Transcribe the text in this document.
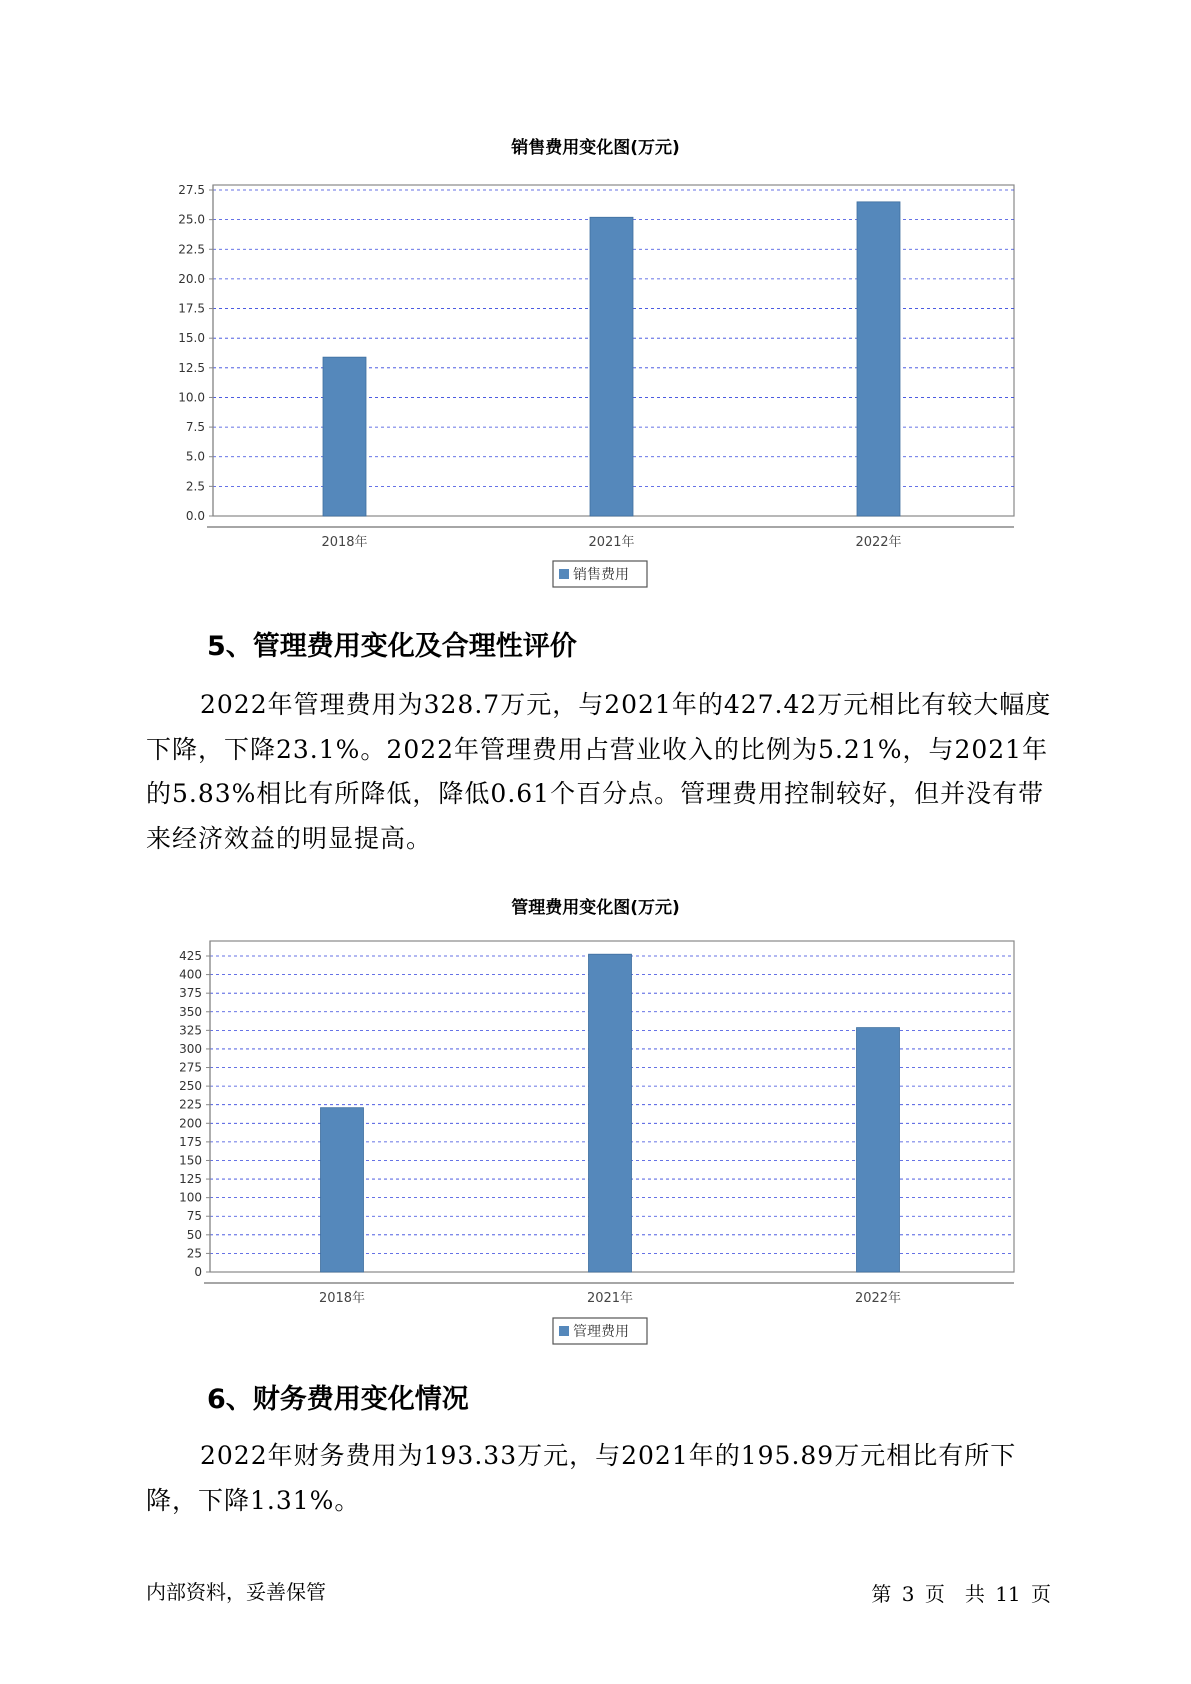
销售费用变化图(万元)
0.0
2.5
5.0
7.5
10.0
12.5
15.0
17.5
20.0
22.5
25.0
27.5
2018年	2021年	2022年
销售费用
5、管理费用变化及合理性评价

2022年管理费用为328.7万元，与2021年的427.42万元相比有较大幅度下降，下降23.1%。2022年管理费用占营业收入的比例为5.21%，与2021年的5.83%相比有所降低，降低0.61个百分点。管理费用控制较好，但并没有带来经济效益的明显提高。

管理费用变化图(万元)
0
25
50
75
100
125
150
175
200
225
250
275
300
325
350
375
400
425
2018年	2021年	2022年
管理费用
6、财务费用变化情况

2022年财务费用为193.33万元，与2021年的195.89万元相比有所下降，下降1.31%。

内部资料，妥善保管	第 3 页　共 11 页
